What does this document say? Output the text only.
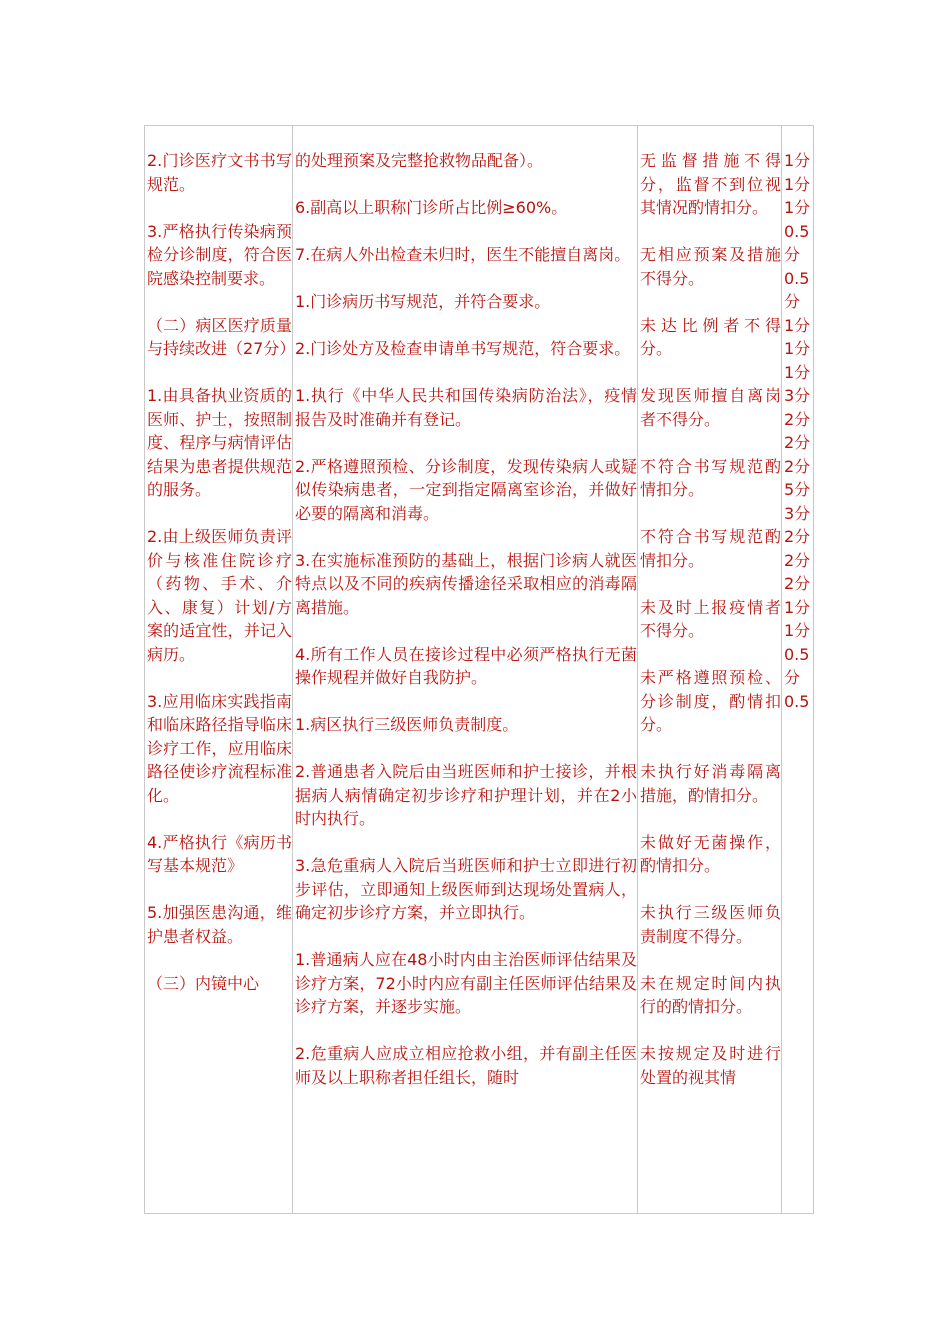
2.门诊医疗文书书写规范。

3.严格执行传染病预检分诊制度，符合医院感染控制要求。

（二）病区医疗质量与持续改进（27分）

1.由具备执业资质的医师、护士，按照制度、程序与病情评估结果为患者提供规范的服务。

2.由上级医师负责评价与核准住院诊疗（药物、手术、介入、康复）计划/方案的适宜性，并记入病历。

3.应用临床实践指南和临床路径指导临床诊疗工作，应用临床路径使诊疗流程标准化。

4.严格执行《病历书写基本规范》

5.加强医患沟通，维护患者权益。

（三）内镜中心

的处理预案及完整抢救物品配备）。

6.副高以上职称门诊所占比例≥60%。

7.在病人外出检查未归时，医生不能擅自离岗。

1.门诊病历书写规范，并符合要求。

2.门诊处方及检查申请单书写规范，符合要求。

1.执行《中华人民共和国传染病防治法》，疫情报告及时准确并有登记。

2.严格遵照预检、分诊制度，发现传染病人或疑似传染病患者，一定到指定隔离室诊治，并做好必要的隔离和消毒。

3.在实施标准预防的基础上，根据门诊病人就医特点以及不同的疾病传播途径采取相应的消毒隔离措施。

4.所有工作人员在接诊过程中必须严格执行无菌操作规程并做好自我防护。

1.病区执行三级医师负责制度。

2.普通患者入院后由当班医师和护士接诊，并根据病人病情确定初步诊疗和护理计划，并在2小时内执行。

3.急危重病人入院后当班医师和护士立即进行初步评估，立即通知上级医师到达现场处置病人，确定初步诊疗方案，并立即执行。

1.普通病人应在48小时内由主治医师评估结果及诊疗方案，72小时内应有副主任医师评估结果及诊疗方案，并逐步实施。

2.危重病人应成立相应抢救小组，并有副主任医师及以上职称者担任组长，随时

无监督措施不得分，监督不到位视其情况酌情扣分。

无相应预案及措施不得分。

未达比例者不得分。

发现医师擅自离岗者不得分。

不符合书写规范酌情扣分。

不符合书写规范酌情扣分。

未及时上报疫情者不得分。

未严格遵照预检、分诊制度，酌情扣分。

未执行好消毒隔离措施，酌情扣分。

未做好无菌操作，酌情扣分。

未执行三级医师负责制度不得分。

未在规定时间内执行的酌情扣分。

未按规定及时进行处置的视其情

1分

1分

1分

0.5分

0.5分

1分

1分

1分

3分

2分

2分

2分

5分

3分

2分

2分

2分

1分

1分

0.5分

0.5
